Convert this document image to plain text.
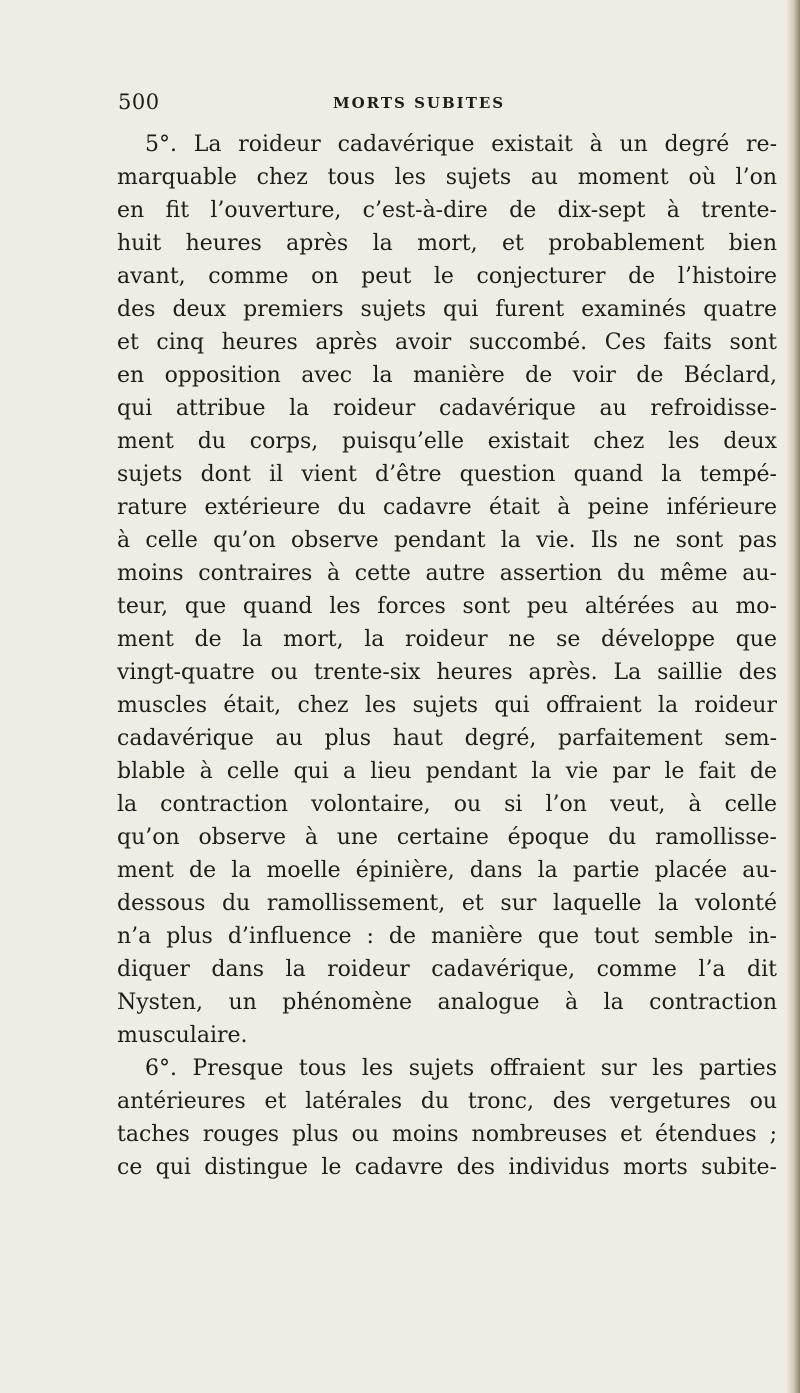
500	MORTS SUBITES
5°. La roideur cadavérique existait à un degré re-
marquable chez tous les sujets au moment où l’on
en fit l’ouverture, c’est-à-dire de dix-sept à trente-
huit heures après la mort, et probablement bien
avant, comme on peut le conjecturer de l’histoire
des deux premiers sujets qui furent examinés quatre
et cinq heures après avoir succombé. Ces faits sont
en opposition avec la manière de voir de Béclard,
qui attribue la roideur cadavérique au refroidisse-
ment du corps, puisqu’elle existait chez les deux
sujets dont il vient d’être question quand la tempé-
rature extérieure du cadavre était à peine inférieure
à celle qu’on observe pendant la vie. Ils ne sont pas
moins contraires à cette autre assertion du même au-
teur, que quand les forces sont peu altérées au mo-
ment de la mort, la roideur ne se développe que
vingt-quatre ou trente-six heures après. La saillie des
muscles était, chez les sujets qui offraient la roideur
cadavérique au plus haut degré, parfaitement sem-
blable à celle qui a lieu pendant la vie par le fait de
la contraction volontaire, ou si l’on veut, à celle
qu’on observe à une certaine époque du ramollisse-
ment de la moelle épinière, dans la partie placée au-
dessous du ramollissement, et sur laquelle la volonté
n’a plus d’influence : de manière que tout semble in-
diquer dans la roideur cadavérique, comme l’a dit
Nysten, un phénomène analogue à la contraction
musculaire.
6°. Presque tous les sujets offraient sur les parties
antérieures et latérales du tronc, des vergetures ou
taches rouges plus ou moins nombreuses et étendues ;
ce qui distingue le cadavre des individus morts subite-
